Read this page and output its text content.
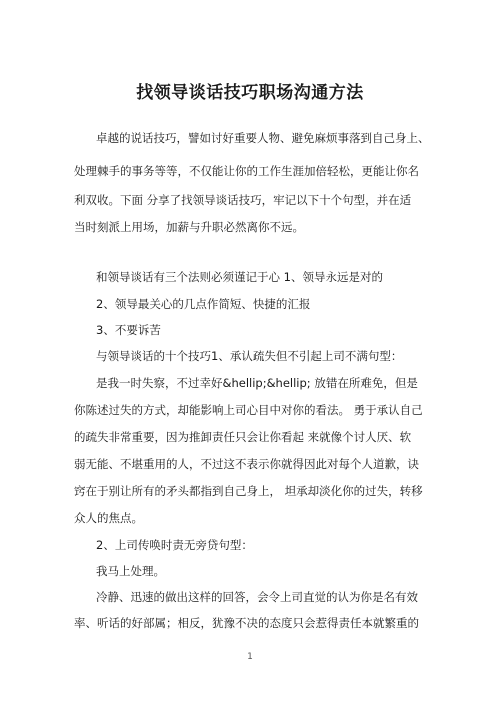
找领导谈话技巧职场沟通方法
卓越的说话技巧，譬如讨好重要人物、避免麻烦事落到自己身上、
处理棘手的事务等等，不仅能让你的工作生涯加倍轻松，更能让你名
利双收。下面 分享了找领导谈话技巧，牢记以下十个句型，并在适
当时刻派上用场，加薪与升职必然离你不远。
和领导谈话有三个法则必须谨记于心 1、领导永远是对的
2、领导最关心的几点作简短、快捷的汇报
3、不要诉苦
与领导谈话的十个技巧1、承认疏失但不引起上司不满句型：
是我一时失察，不过幸好&hellip;&hellip; 放错在所难免，但是
你陈述过失的方式，却能影响上司心目中对你的看法。 勇于承认自己
的疏失非常重要，因为推卸责任只会让你看起 来就像个讨人厌、软
弱无能、不堪重用的人，不过这不表示你就得因此对每个人道歉，诀
窍在于别让所有的矛头都指到自己身上， 坦承却淡化你的过失，转移
众人的焦点。
2、上司传唤时责无旁贷句型：
我马上处理。
冷静、迅速的做出这样的回答，会令上司直觉的认为你是名有效
率、听话的好部属；相反，犹豫不决的态度只会惹得责任本就繁重的
1
